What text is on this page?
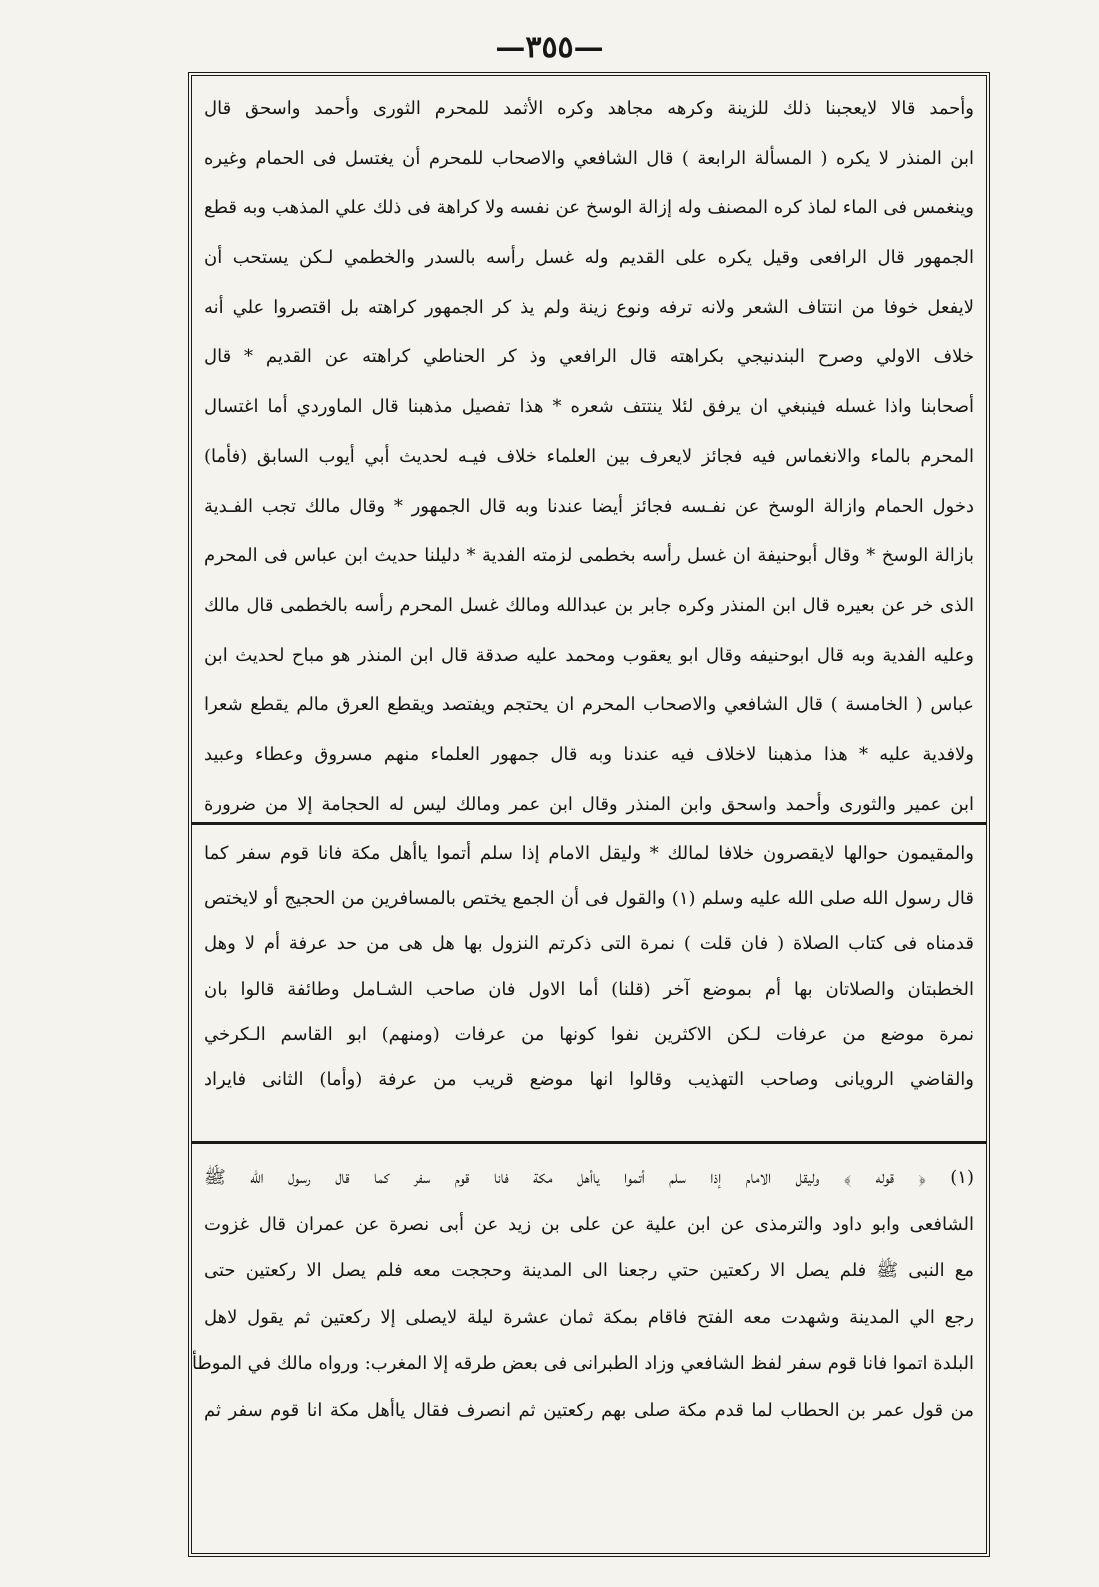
—٣٥٥—
وأحمد قالا لايعجبنا ذلك للزينة وكرهه مجاهد وكره الأثمد للمحرم الثورى وأحمد واسحق قال
ابن المنذر لا يكره ( المسألة الرابعة ) قال الشافعي والاصحاب للمحرم أن يغتسل فى الحمام وغيره
وينغمس فى الماء لماذ كره المصنف وله إزالة الوسخ عن نفسه ولا كراهة فى ذلك علي المذهب وبه قطع
الجمهور قال الرافعى وقيل يكره على القديم وله غسل رأسه بالسدر والخطمي لـكن يستحب أن
لايفعل خوفا من انتتاف الشعر ولانه ترفه ونوع زينة ولم يذ كر الجمهور كراهته بل اقتصروا علي أنه
خلاف الاولي وصرح البندنيجي بكراهته قال الرافعي وذ كر الحناطي كراهته عن القديم * قال
أصحابنا واذا غسله فينبغي ان يرفق لئلا ينتتف شعره * هذا تفصيل مذهبنا قال الماوردي أما اغتسال
المحرم بالماء والانغماس فيه فجائز لايعرف بين العلماء خلاف فيـه لحديث أبي أيوب السابق (فأما)
دخول الحمام وازالة الوسخ عن نفـسه فجائز أيضا عندنا وبه قال الجمهور * وقال مالك تجب الفـدية
بازالة الوسخ * وقال أبوحنيفة ان غسل رأسه بخطمى لزمته الفدية * دليلنا حديث ابن عباس فى المحرم
الذى خر عن بعيره قال ابن المنذر وكره جابر بن عبدالله ومالك غسل المحرم رأسه بالخطمى قال مالك
وعليه الفدية وبه قال ابوحنيفه وقال ابو يعقوب ومحمد عليه صدقة قال ابن المنذر هو مباح لحديث ابن
عباس ( الخامسة ) قال الشافعي والاصحاب المحرم ان يحتجم ويفتصد ويقطع العرق مالم يقطع شعرا
ولافدية عليه * هذا مذهبنا لاخلاف فيه عندنا وبه قال جمهور العلماء منهم مسروق وعطاء وعبيد
ابن عمير والثورى وأحمد واسحق وابن المنذر وقال ابن عمر ومالك ليس له الحجامة إلا من ضرورة
والمقيمون حوالها لايقصرون خلافا لمالك * وليقل الامام إذا سلم أتموا ياأهل مكة فانا قوم سفر كما
قال رسول الله صلى الله عليه وسلم (١) والقول فى أن الجمع يختص بالمسافرين من الحجيج أو لايختص
قدمناه فى كتاب الصلاة ( فان قلت ) نمرة التى ذكرتم النزول بها هل هى من حد عرفة أم لا وهل
الخطبتان والصلاتان بها أم بموضع آخر (قلنا) أما الاول فان صاحب الشـامل وطائفة قالوا بان
نمرة موضع من عرفات لـكن الاكثرين نفوا كونها من عرفات (ومنهم) ابو القاسم الـكرخي
والقاضي الرويانى وصاحب التهذيب وقالوا انها موضع قريب من عرفة (وأما) الثانى فايراد
(١) ﴿ قوله ﴾ وليقل الامام إذا سلم أتموا ياأهل مكة فانا قوم سفر كما قال رسول الله ﷺ
الشافعى وابو داود والترمذى عن ابن علية عن على بن زيد عن أبى نصرة عن عمران قال غزوت
مع النبى ﷺ فلم يصل الا ركعتين حتي رجعنا الى المدينة وحججت معه فلم يصل الا ركعتين حتى
رجع الي المدينة وشهدت معه الفتح فاقام بمكة ثمان عشرة ليلة لايصلى إلا ركعتين ثم يقول لاهل
البلدة اتموا فانا قوم سفر لفظ الشافعي وزاد الطبرانى فى بعض طرقه إلا المغرب: ورواه مالك في الموطأ
من قول عمر بن الحطاب لما قدم مكة صلى بهم ركعتين ثم انصرف فقال ياأهل مكة انا قوم سفر ثم
